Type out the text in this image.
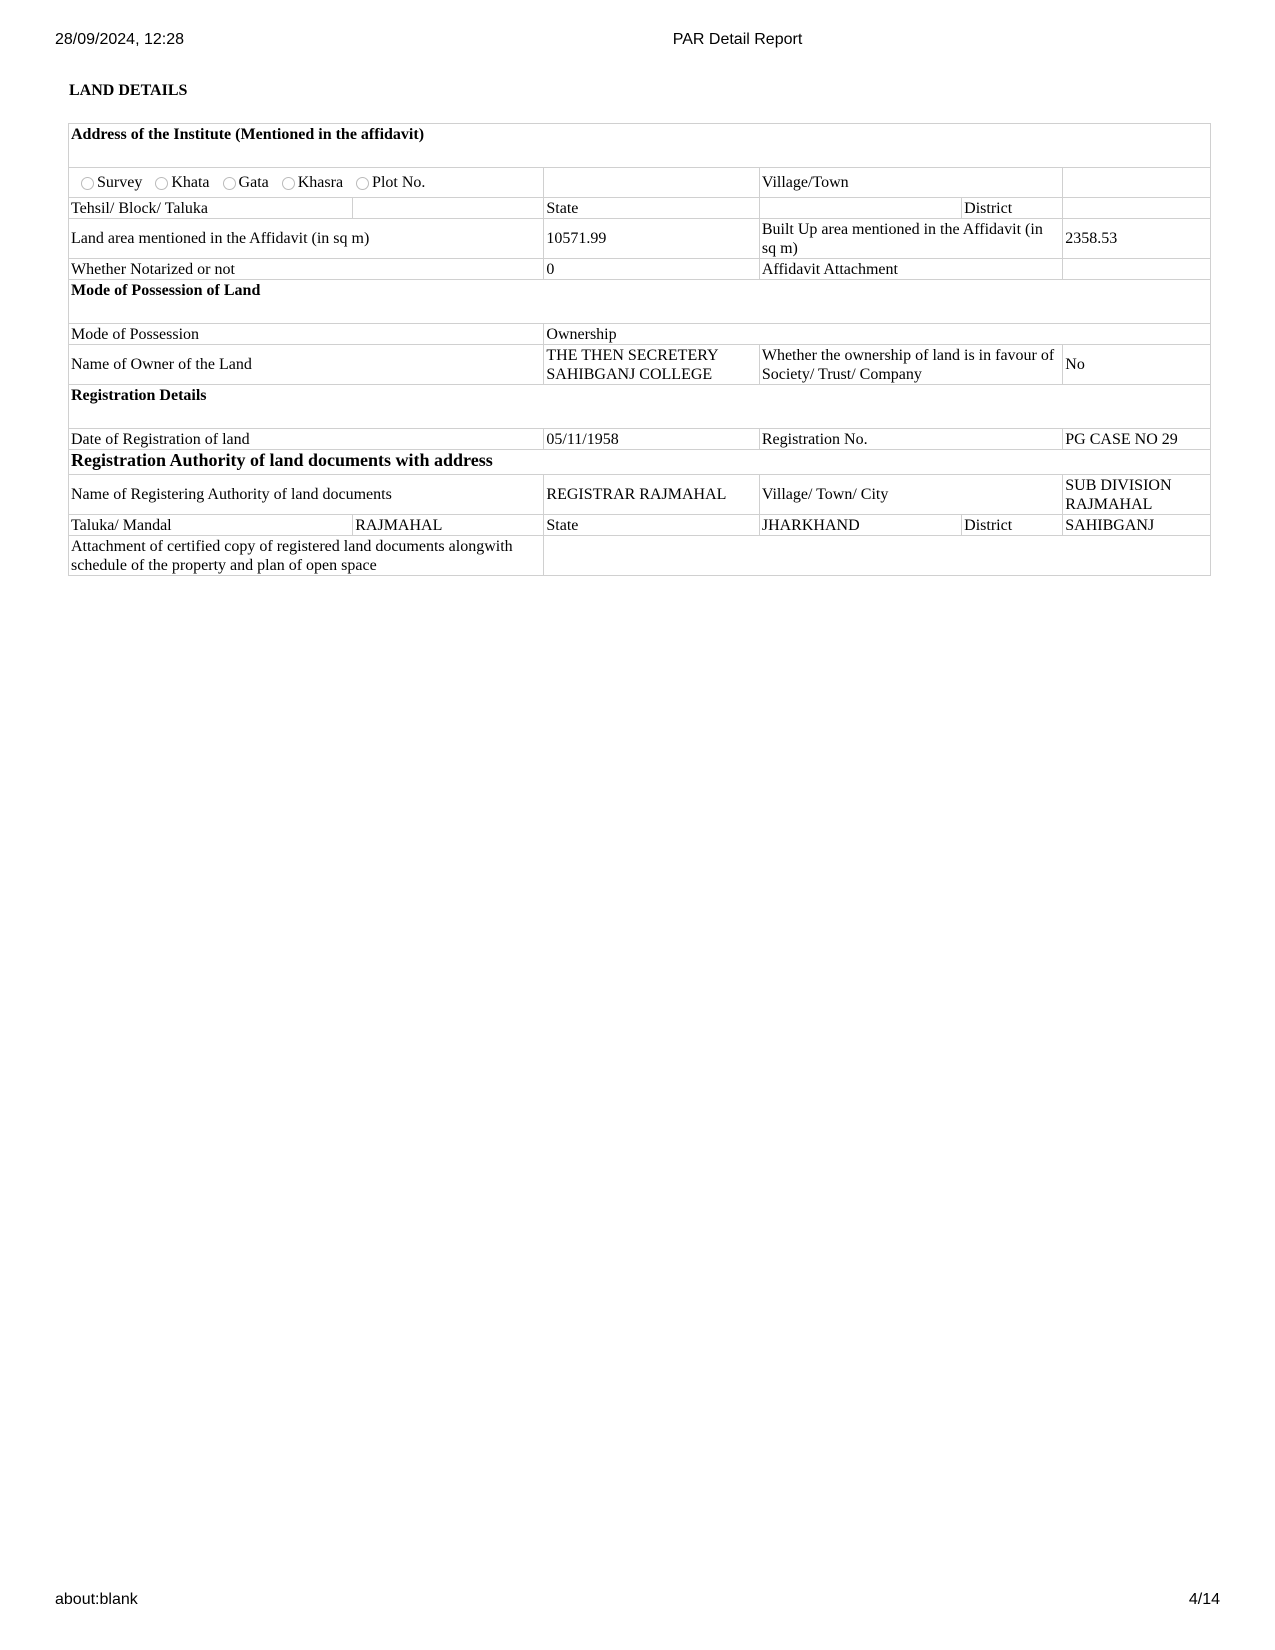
28/09/2024, 12:28	PAR Detail Report
LAND DETAILS
Address of the Institute (Mentioned in the affidavit)					
Survey Khata Gata Khasra Plot No.			Village/Town		
Tehsil/ Block/ Taluka		State		District	
Land area mentioned in the Affidavit (in sq m)		10571.99	Built Up area mentioned in the Affidavit (in sq m)		2358.53
Whether Notarized or not		0	Affidavit Attachment		
Mode of Possession of Land					
Mode of Possession		Ownership			
Name of Owner of the Land		THE THEN SECRETERY SAHIBGANJ COLLEGE	Whether the ownership of land is in favour of Society/ Trust/ Company		No
Registration Details					
Date of Registration of land		05/11/1958	Registration No.		PG CASE NO 29
Registration Authority of land documents with address					
Name of Registering Authority of land documents		REGISTRAR RAJMAHAL	Village/ Town/ City		SUB DIVISION RAJMAHAL
Taluka/ Mandal	RAJMAHAL	State	JHARKHAND	District	SAHIBGANJ
Attachment of certified copy of registered land documents alongwith schedule of the property and plan of open space					
about:blank	4/14
